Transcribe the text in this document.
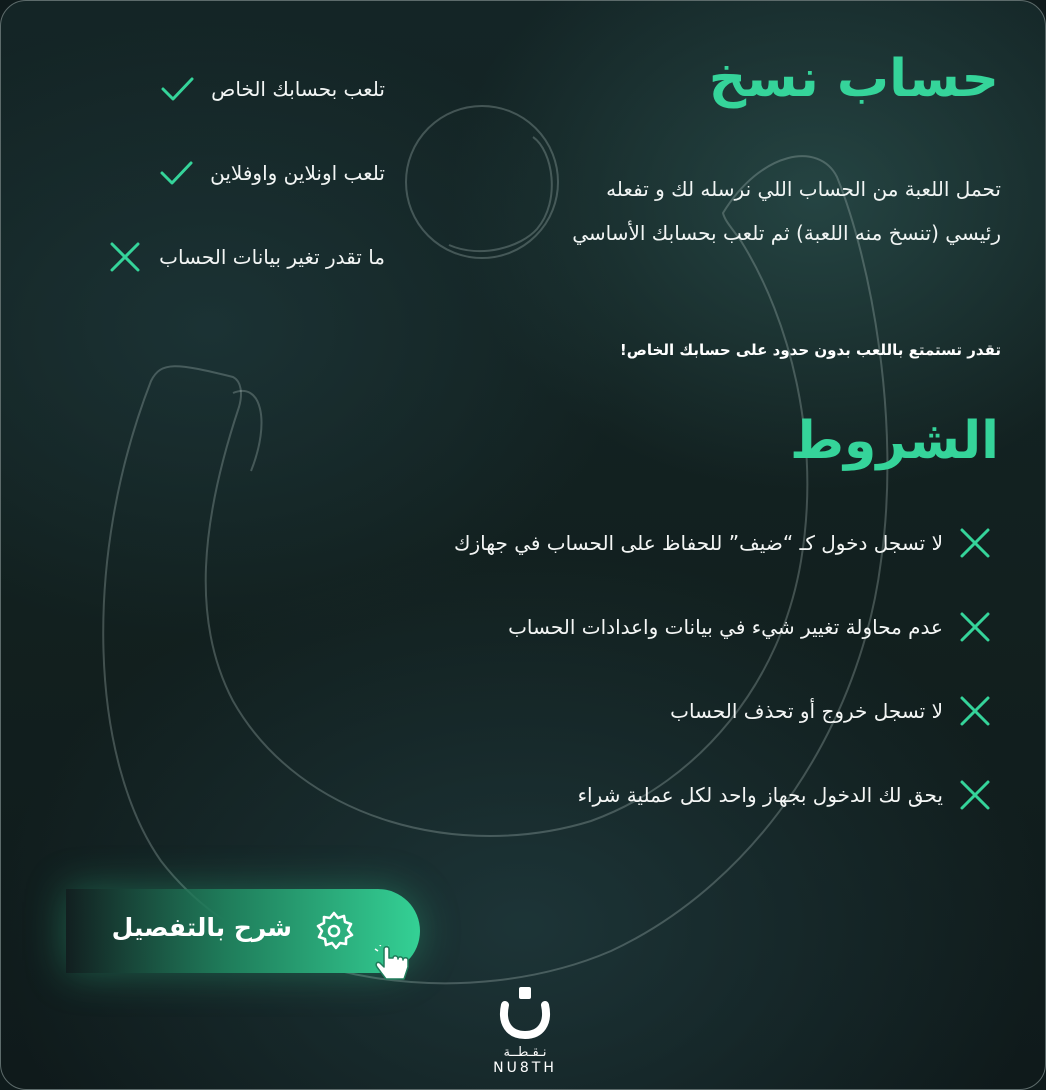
حساب نسخ

تحمل اللعبة من الحساب اللي نرسله لك و تفعله رئيسي (تنسخ منه اللعبة) ثم تلعب بحسابك الأساسي

تقدر تستمتع باللعب بدون حدود على حسابك الخاص!

تلعب بحسابك الخاص
تلعب اونلاين واوفلاين
ما تقدر تغير بيانات الحساب
الشروط
لا تسجل دخول كـ “ضيف” للحفاظ على الحساب في جهازك
عدم محاولة تغيير شيء في بيانات واعدادات الحساب
لا تسجل خروج أو تحذف الحساب
يحق لك الدخول بجهاز واحد لكل عملية شراء
شرح بالتفصيل
نـقـطــة
NU8TH
